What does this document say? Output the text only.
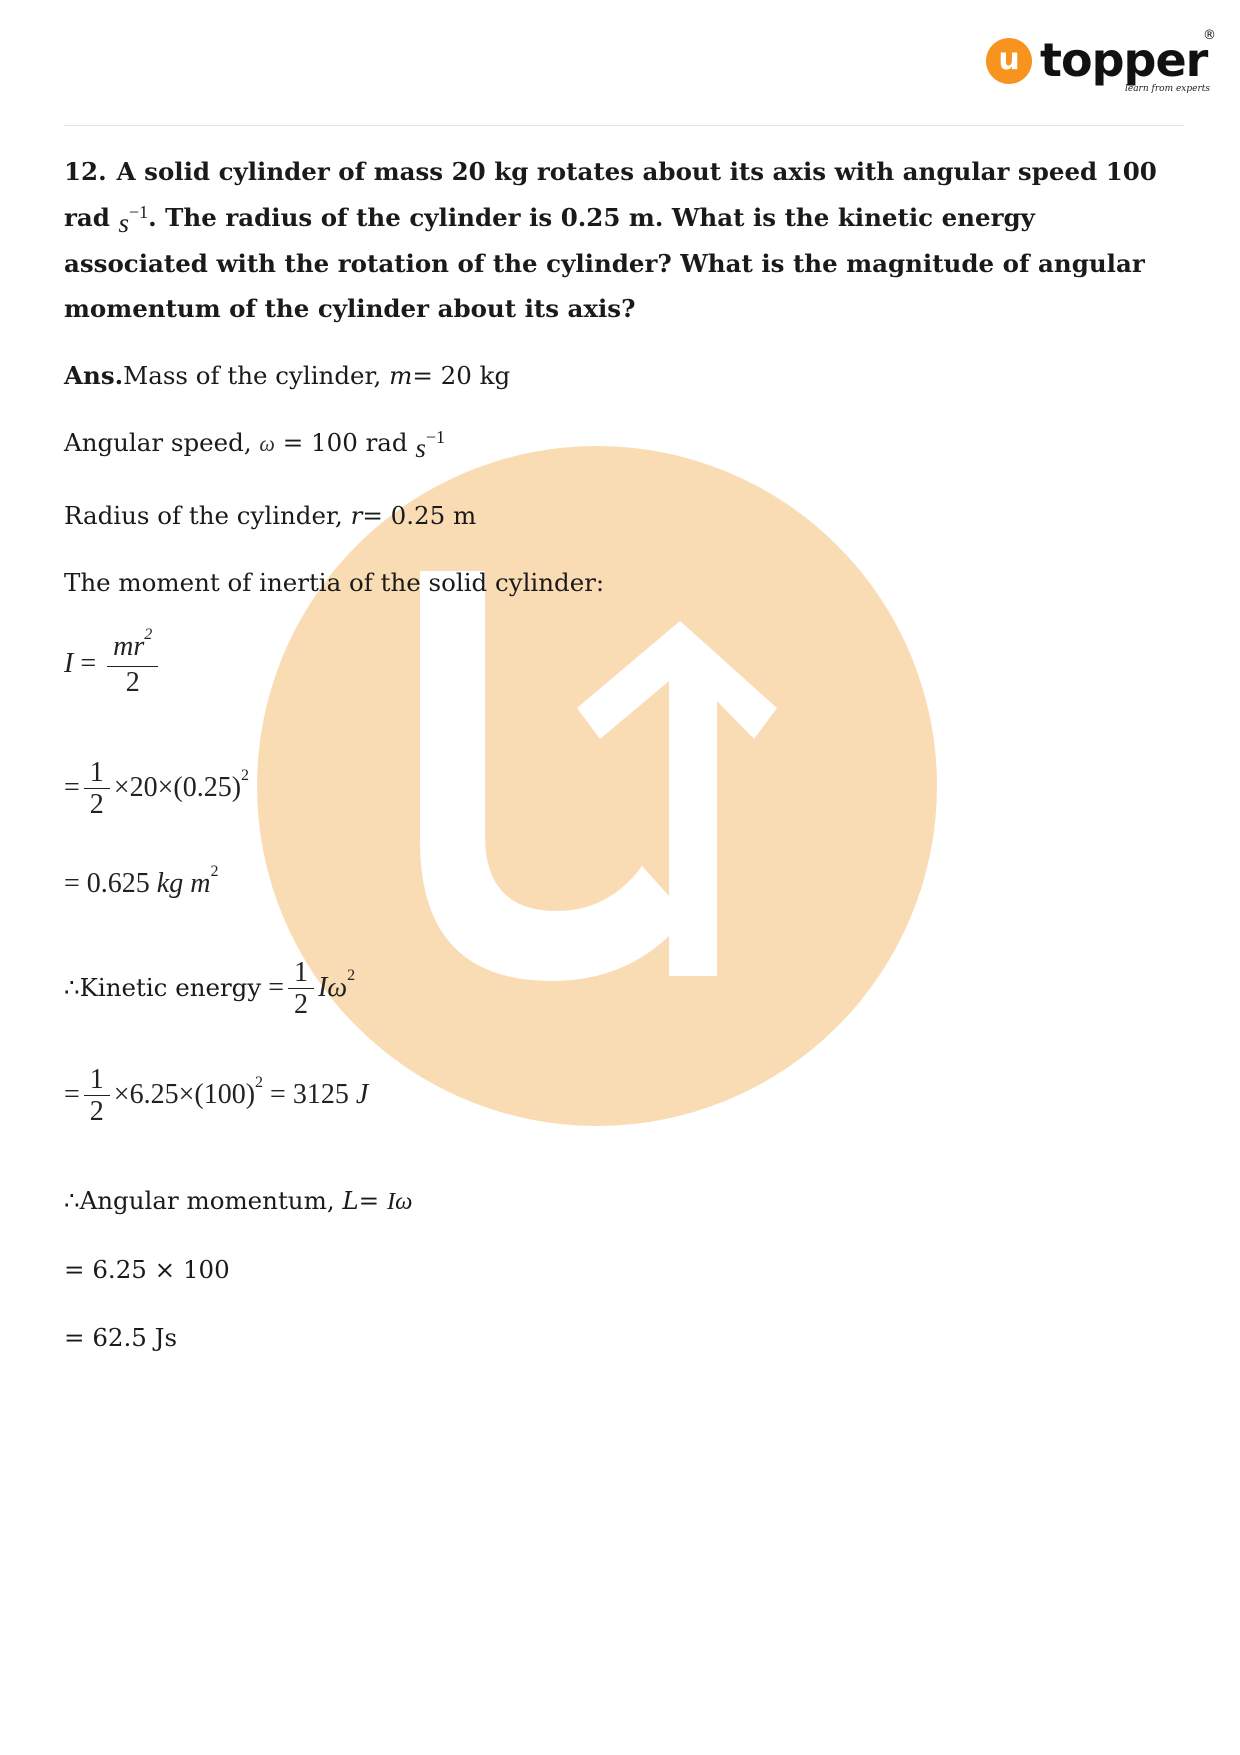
u topper
®
learn from experts
12. A solid cylinder of mass 20 kg rotates about its axis with angular speed 100 rad $s^{-1}$. The radius of the cylinder is 0.25 m. What is the kinetic energy associated with the rotation of the cylinder? What is the magnitude of angular momentum of the cylinder about its axis?
Ans.Mass of the cylinder, m= 20 kg
Angular speed, ω = 100 rad $s^{-1}$
Radius of the cylinder, r= 0.25 m
The moment of inertia of the solid cylinder:
$I = \frac{mr^2}{2}$
= $\frac{1}{2} \times 20\times(0.25)^2$
= 0.625 kg $m^2$
∴Kinetic energy = $\frac{1}{2} I\omega^2$
= $\frac{1}{2} \times 6.25\times(100)^2 = 3125$ J
∴Angular momentum, L= Iω
= 6.25 × 100
= 62.5 Js
